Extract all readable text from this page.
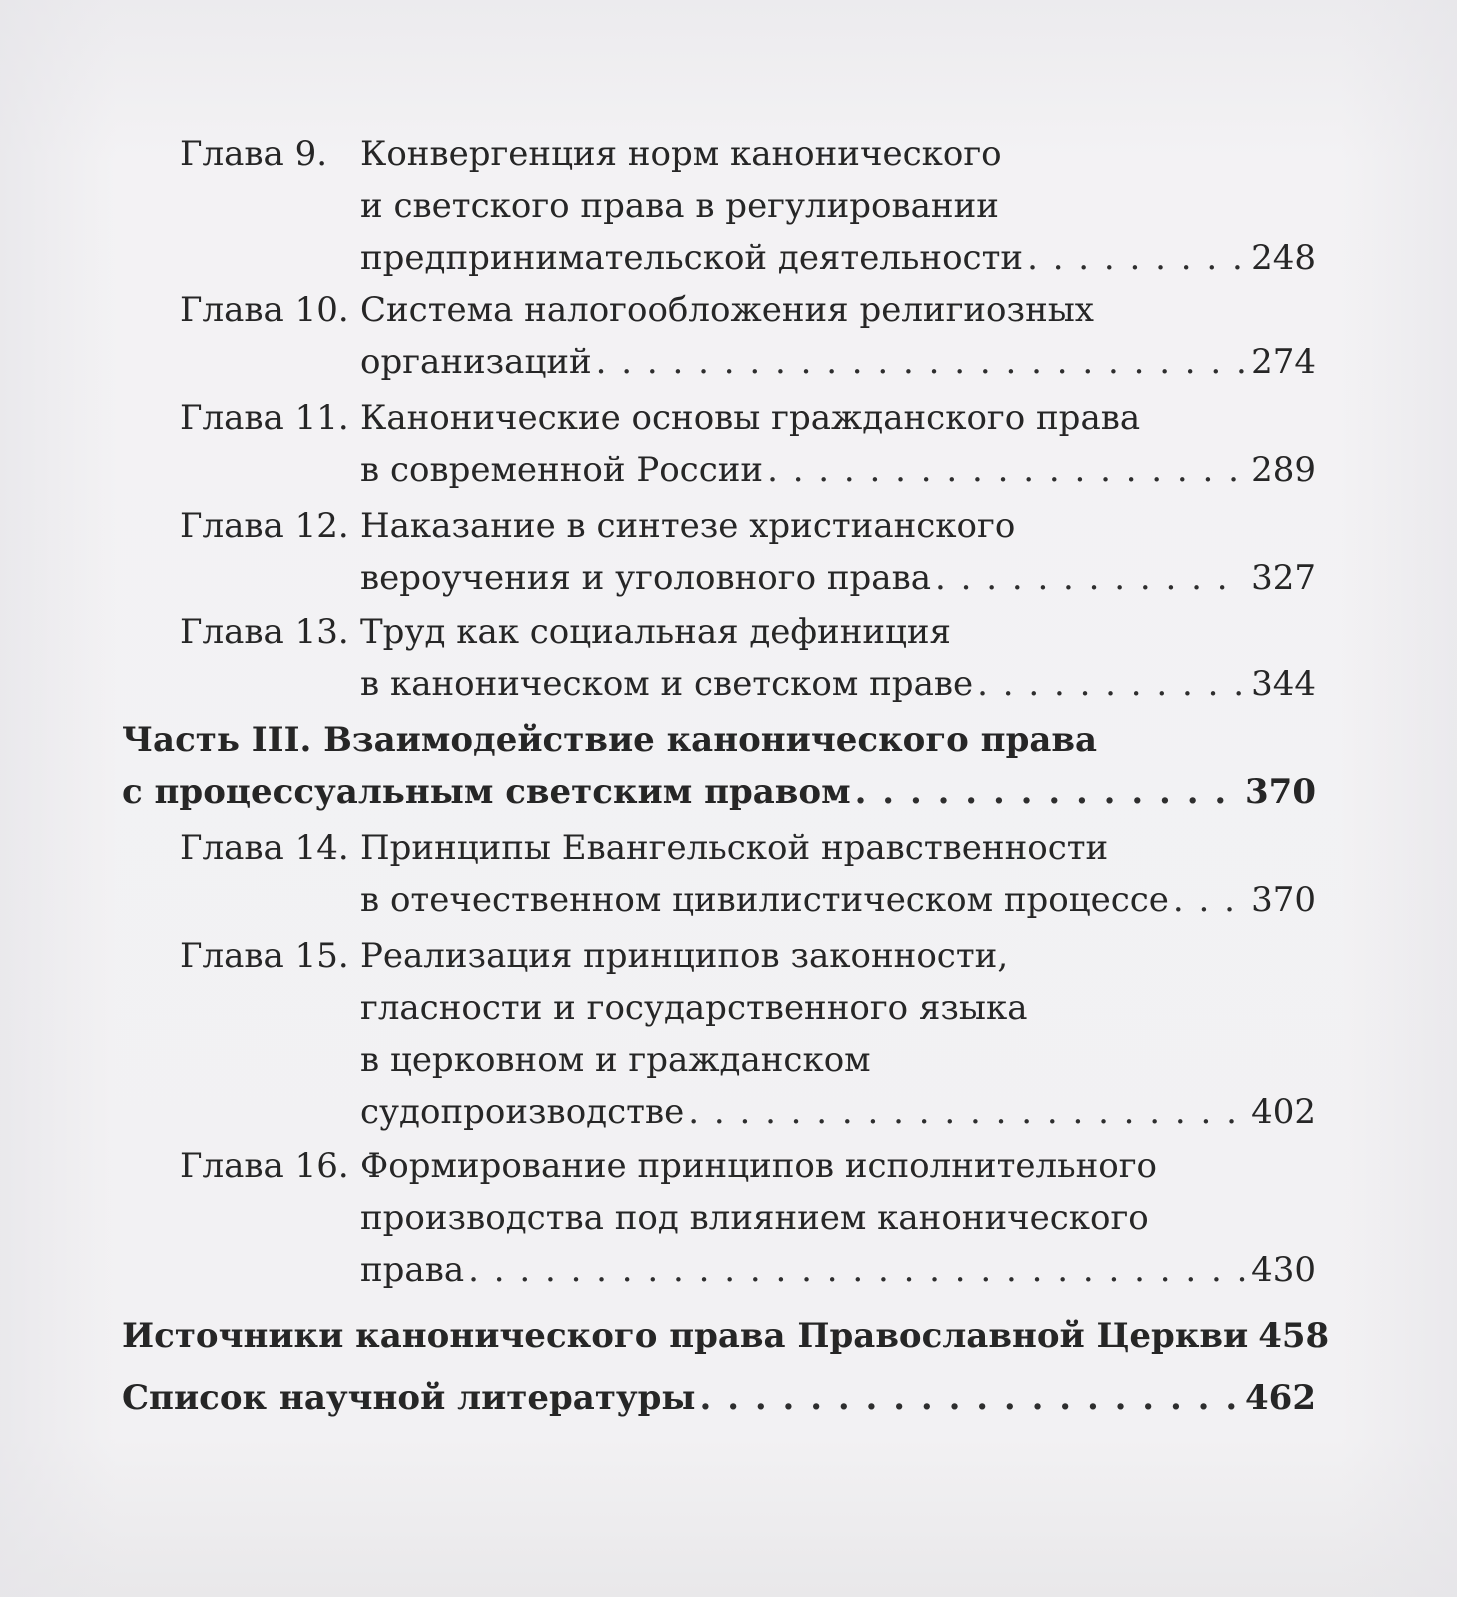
Глава 9. Конвергенция норм канонического
и светского права в регулировании
предпринимательской деятельности . . .	248
Глава 10. Система налогообложения религиозных
организаций . . .	274
Глава 11. Канонические основы гражданского права
в современной России . . .	289
Глава 12. Наказание в синтезе христианского
вероучения и уголовного права . . .	327
Глава 13. Труд как социальная дефиниция
в каноническом и светском праве . . .	344
Часть III. Взаимодействие канонического права
с процессуальным светским правом . . .	370
Глава 14. Принципы Евангельской нравственности
в отечественном цивилистическом процессе . . . 370
Глава 15. Реализация принципов законности,
гласности и государственного языка
в церковном и гражданском
судопроизводстве . . .	402
Глава 16. Формирование принципов исполнительного
производства под влиянием канонического
права . . .	430
Источники канонического права Православной Церкви 458
Список научной литературы . . .	462
